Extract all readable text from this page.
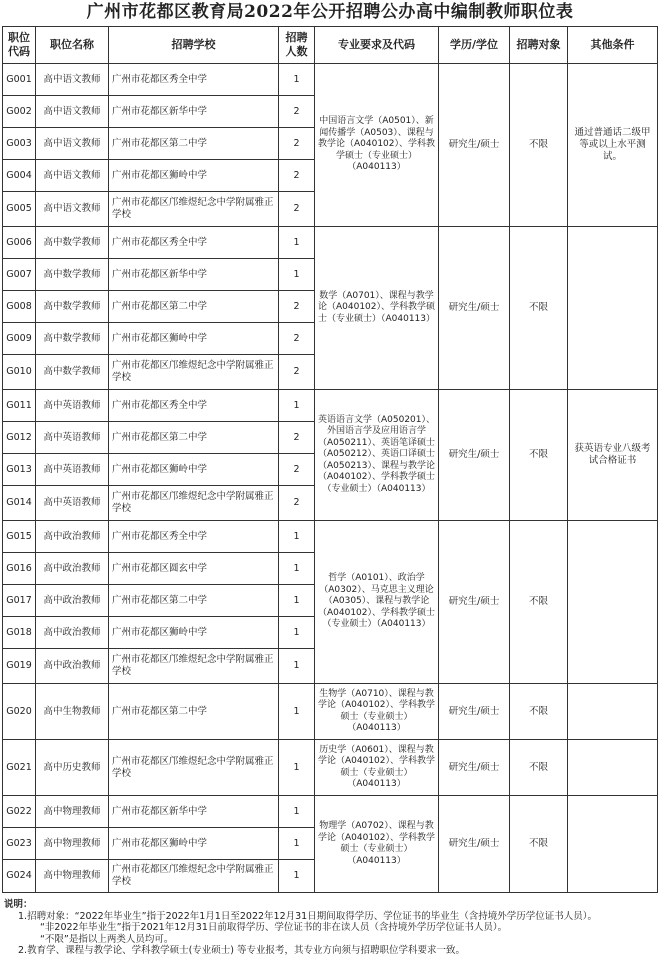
广州市花都区教育局2022年公开招聘公办高中编制教师职位表
职位代码	职位名称	招聘学校	招聘人数	专业要求及代码	学历/学位	招聘对象	其他条件
G001	高中语文教师	广州市花都区秀全中学	1	中国语言文学（A0501）、新闻传播学（A0503）、课程与教学论（A040102）、学科教学硕士（专业硕士）（A040113）	研究生/硕士	不限	通过普通话二级甲等或以上水平测试。
G002	高中语文教师	广州市花都区新华中学	2				
G003	高中语文教师	广州市花都区第二中学	2				
G004	高中语文教师	广州市花都区狮岭中学	2				
G005	高中语文教师	广州市花都区邝维煜纪念中学附属雅正学校	2				
G006	高中数学教师	广州市花都区秀全中学	1	数学（A0701）、课程与教学论（A040102）、学科教学硕士（专业硕士）（A040113）	研究生/硕士	不限	
G007	高中数学教师	广州市花都区新华中学	1				
G008	高中数学教师	广州市花都区第二中学	2				
G009	高中数学教师	广州市花都区狮岭中学	2				
G010	高中数学教师	广州市花都区邝维煜纪念中学附属雅正学校	2				
G011	高中英语教师	广州市花都区秀全中学	1	英语语言文学（A050201）、外国语言学及应用语言学（A050211）、英语笔译硕士（A050212）、英语口译硕士（A050213）、课程与教学论（A040102）、学科教学硕士（专业硕士）（A040113）	研究生/硕士	不限	获英语专业八级考试合格证书
G012	高中英语教师	广州市花都区第二中学	2				
G013	高中英语教师	广州市花都区狮岭中学	2				
G014	高中英语教师	广州市花都区邝维煜纪念中学附属雅正学校	2				
G015	高中政治教师	广州市花都区秀全中学	1	哲学（A0101）、政治学（A0302）、马克思主义理论（A0305）、课程与教学论（A040102）、学科教学硕士（专业硕士）（A040113）	研究生/硕士	不限	
G016	高中政治教师	广州市花都区圆玄中学	1				
G017	高中政治教师	广州市花都区第二中学	1				
G018	高中政治教师	广州市花都区狮岭中学	1				
G019	高中政治教师	广州市花都区邝维煜纪念中学附属雅正学校	1				
G020	高中生物教师	广州市花都区第二中学	1	生物学（A0710）、课程与教学论（A040102）、学科教学硕士（专业硕士）（A040113）	研究生/硕士	不限	
G021	高中历史教师	广州市花都区邝维煜纪念中学附属雅正学校	1	历史学（A0601）、课程与教学论（A040102）、学科教学硕士（专业硕士）（A040113）	研究生/硕士	不限	
G022	高中物理教师	广州市花都区新华中学	1	物理学（A0702）、课程与教学论（A040102）、学科教学硕士（专业硕士）（A040113）	研究生/硕士	不限	
G023	高中物理教师	广州市花都区狮岭中学	1				
G024	高中物理教师	广州市花都区邝维煜纪念中学附属雅正学校	1				
说明：
1.招聘对象：“2022年毕业生”指于2022年1月1日至2022年12月31日期间取得学历、学位证书的毕业生（含持境外学历学位证书人员）。
“非2022年毕业生”指于2021年12月31日前取得学历、学位证书的非在读人员（含持境外学历学位证书人员）。
“不限”是指以上两类人员均可。
2.教育学、课程与教学论、学科教学硕士(专业硕士) 等专业报考，其专业方向须与招聘职位学科要求一致。
